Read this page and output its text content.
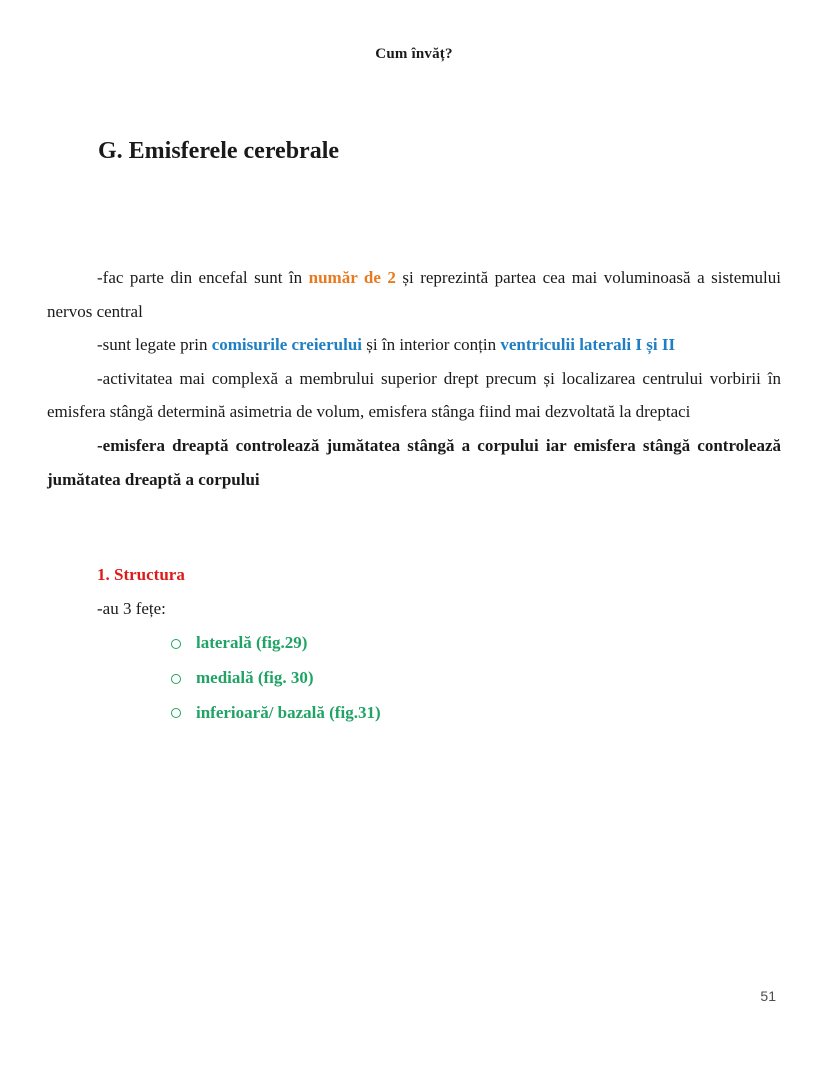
Cum învăț?
G. Emisferele cerebrale

-fac parte din encefal sunt în număr de 2 și reprezintă partea cea mai voluminoasă a sistemului nervos central

-sunt legate prin comisurile creierului și în interior conțin ventriculii laterali I și II

-activitatea mai complexă a membrului superior drept precum și localizarea centrului vorbirii în emisfera stângă determină asimetria de volum, emisfera stânga fiind mai dezvoltată la dreptaci

-emisfera dreaptă controlează jumătatea stângă a corpului iar emisfera stângă controlează jumătatea dreaptă a corpului

1. Structura

-au 3 fețe:

laterală (fig.29)
medială (fig. 30)
inferioară/ bazală (fig.31)
51
